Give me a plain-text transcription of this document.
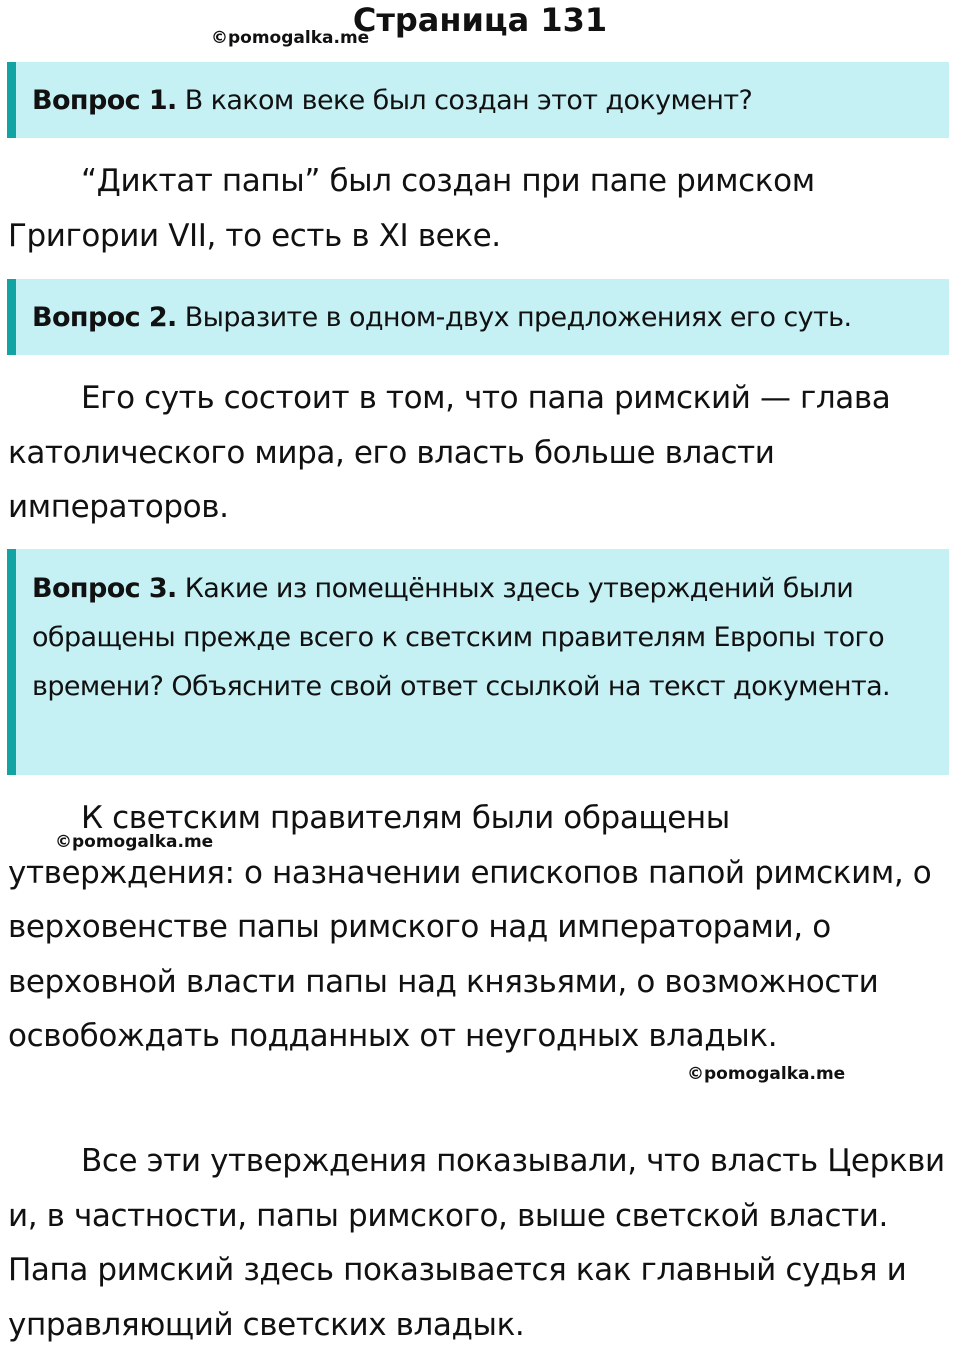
Страница 131
©pomogalka.me
Вопрос 1. В каком веке был создан этот документ?

“Диктат папы” был создан при папе римском Григории VII, то есть в XI веке.

Вопрос 2. Выразите в одном-двух предложениях его суть.

Его суть состоит в том, что папа римский — глава католического мира, его власть больше власти императоров.

Вопрос 3. Какие из помещённых здесь утверждений были обращены прежде всего к светским правителям Европы того времени? Объясните свой ответ ссылкой на текст документа.

К светским правителям были обращены утверждения: о назначении епископов папой римским, о верховенстве папы римского над императорами, о верховной власти папы над князьями, о возможности освобождать подданных от неугодных владык.

©pomogalka.me
©pomogalka.me

Все эти утверждения показывали, что власть Церкви и, в частности, папы римского, выше светской власти. Папа римский здесь показывается как главный судья и управляющий светских владык.
